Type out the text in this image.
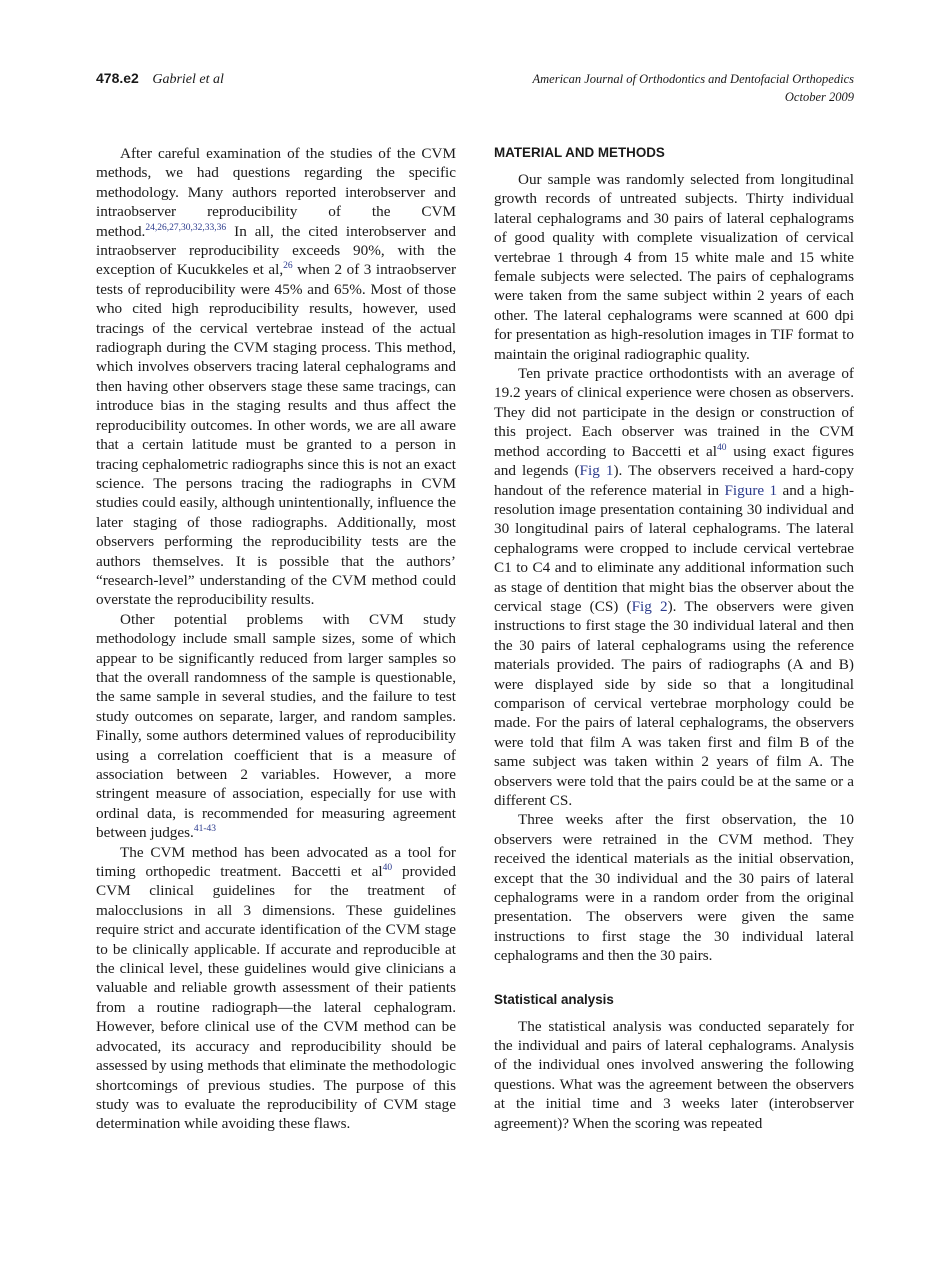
478.e2 Gabriel et al	American Journal of Orthodontics and Dentofacial Orthopedics
October 2009

After careful examination of the studies of the CVM methods, we had questions regarding the specific methodology. Many authors reported interobserver and intraobserver reproducibility of the CVM method.$^{24,26,27,30,32,33,36}$ In all, the cited interobserver and intraobserver reproducibility exceeds 90%, with the exception of Kucukkeles et al,$^{26}$ when 2 of 3 intraobserver tests of reproducibility were 45% and 65%. Most of those who cited high reproducibility results, however, used tracings of the cervical vertebrae instead of the actual radiograph during the CVM staging process. This method, which involves observers tracing lateral cephalograms and then having other observers stage these same tracings, can introduce bias in the staging results and thus affect the reproducibility outcomes. In other words, we are all aware that a certain latitude must be granted to a person in tracing cephalometric radiographs since this is not an exact science. The persons tracing the radiographs in CVM studies could easily, although unintentionally, influence the later staging of those radiographs. Additionally, most observers performing the reproducibility tests are the authors themselves. It is possible that the authors’ “research-level” understanding of the CVM method could overstate the reproducibility results.

Other potential problems with CVM study methodology include small sample sizes, some of which appear to be significantly reduced from larger samples so that the overall randomness of the sample is questionable, the same sample in several studies, and the failure to test study outcomes on separate, larger, and random samples. Finally, some authors determined values of reproducibility using a correlation coefficient that is a measure of association between 2 variables. However, a more stringent measure of association, especially for use with ordinal data, is recommended for measuring agreement between judges.$^{41-43}$

The CVM method has been advocated as a tool for timing orthopedic treatment. Baccetti et al$^{40}$ provided CVM clinical guidelines for the treatment of malocclusions in all 3 dimensions. These guidelines require strict and accurate identification of the CVM stage to be clinically applicable. If accurate and reproducible at the clinical level, these guidelines would give clinicians a valuable and reliable growth assessment of their patients from a routine radiograph—the lateral cephalogram. However, before clinical use of the CVM method can be advocated, its accuracy and reproducibility should be assessed by using methods that eliminate the methodologic shortcomings of previous studies. The purpose of this study was to evaluate the reproducibility of CVM stage determination while avoiding these flaws.

MATERIAL AND METHODS

Our sample was randomly selected from longitudinal growth records of untreated subjects. Thirty individual lateral cephalograms and 30 pairs of lateral cephalograms of good quality with complete visualization of cervical vertebrae 1 through 4 from 15 white male and 15 white female subjects were selected. The pairs of cephalograms were taken from the same subject within 2 years of each other. The lateral cephalograms were scanned at 600 dpi for presentation as high-resolution images in TIF format to maintain the original radiographic quality.

Ten private practice orthodontists with an average of 19.2 years of clinical experience were chosen as observers. They did not participate in the design or construction of this project. Each observer was trained in the CVM method according to Baccetti et al$^{40}$ using exact figures and legends (Fig 1). The observers received a hard-copy handout of the reference material in Figure 1 and a high-resolution image presentation containing 30 individual and 30 longitudinal pairs of lateral cephalograms. The lateral cephalograms were cropped to include cervical vertebrae C1 to C4 and to eliminate any additional information such as stage of dentition that might bias the observer about the cervical stage (CS) (Fig 2). The observers were given instructions to first stage the 30 individual lateral and then the 30 pairs of lateral cephalograms using the reference materials provided. The pairs of radiographs (A and B) were displayed side by side so that a longitudinal comparison of cervical vertebrae morphology could be made. For the pairs of lateral cephalograms, the observers were told that film A was taken first and film B of the same subject was taken within 2 years of film A. The observers were told that the pairs could be at the same or a different CS.

Three weeks after the first observation, the 10 observers were retrained in the CVM method. They received the identical materials as the initial observation, except that the 30 individual and the 30 pairs of lateral cephalograms were in a random order from the original presentation. The observers were given the same instructions to first stage the 30 individual lateral cephalograms and then the 30 pairs.

Statistical analysis

The statistical analysis was conducted separately for the individual and pairs of lateral cephalograms. Analysis of the individual ones involved answering the following questions. What was the agreement between the observers at the initial time and 3 weeks later (interobserver agreement)? When the scoring was repeated
